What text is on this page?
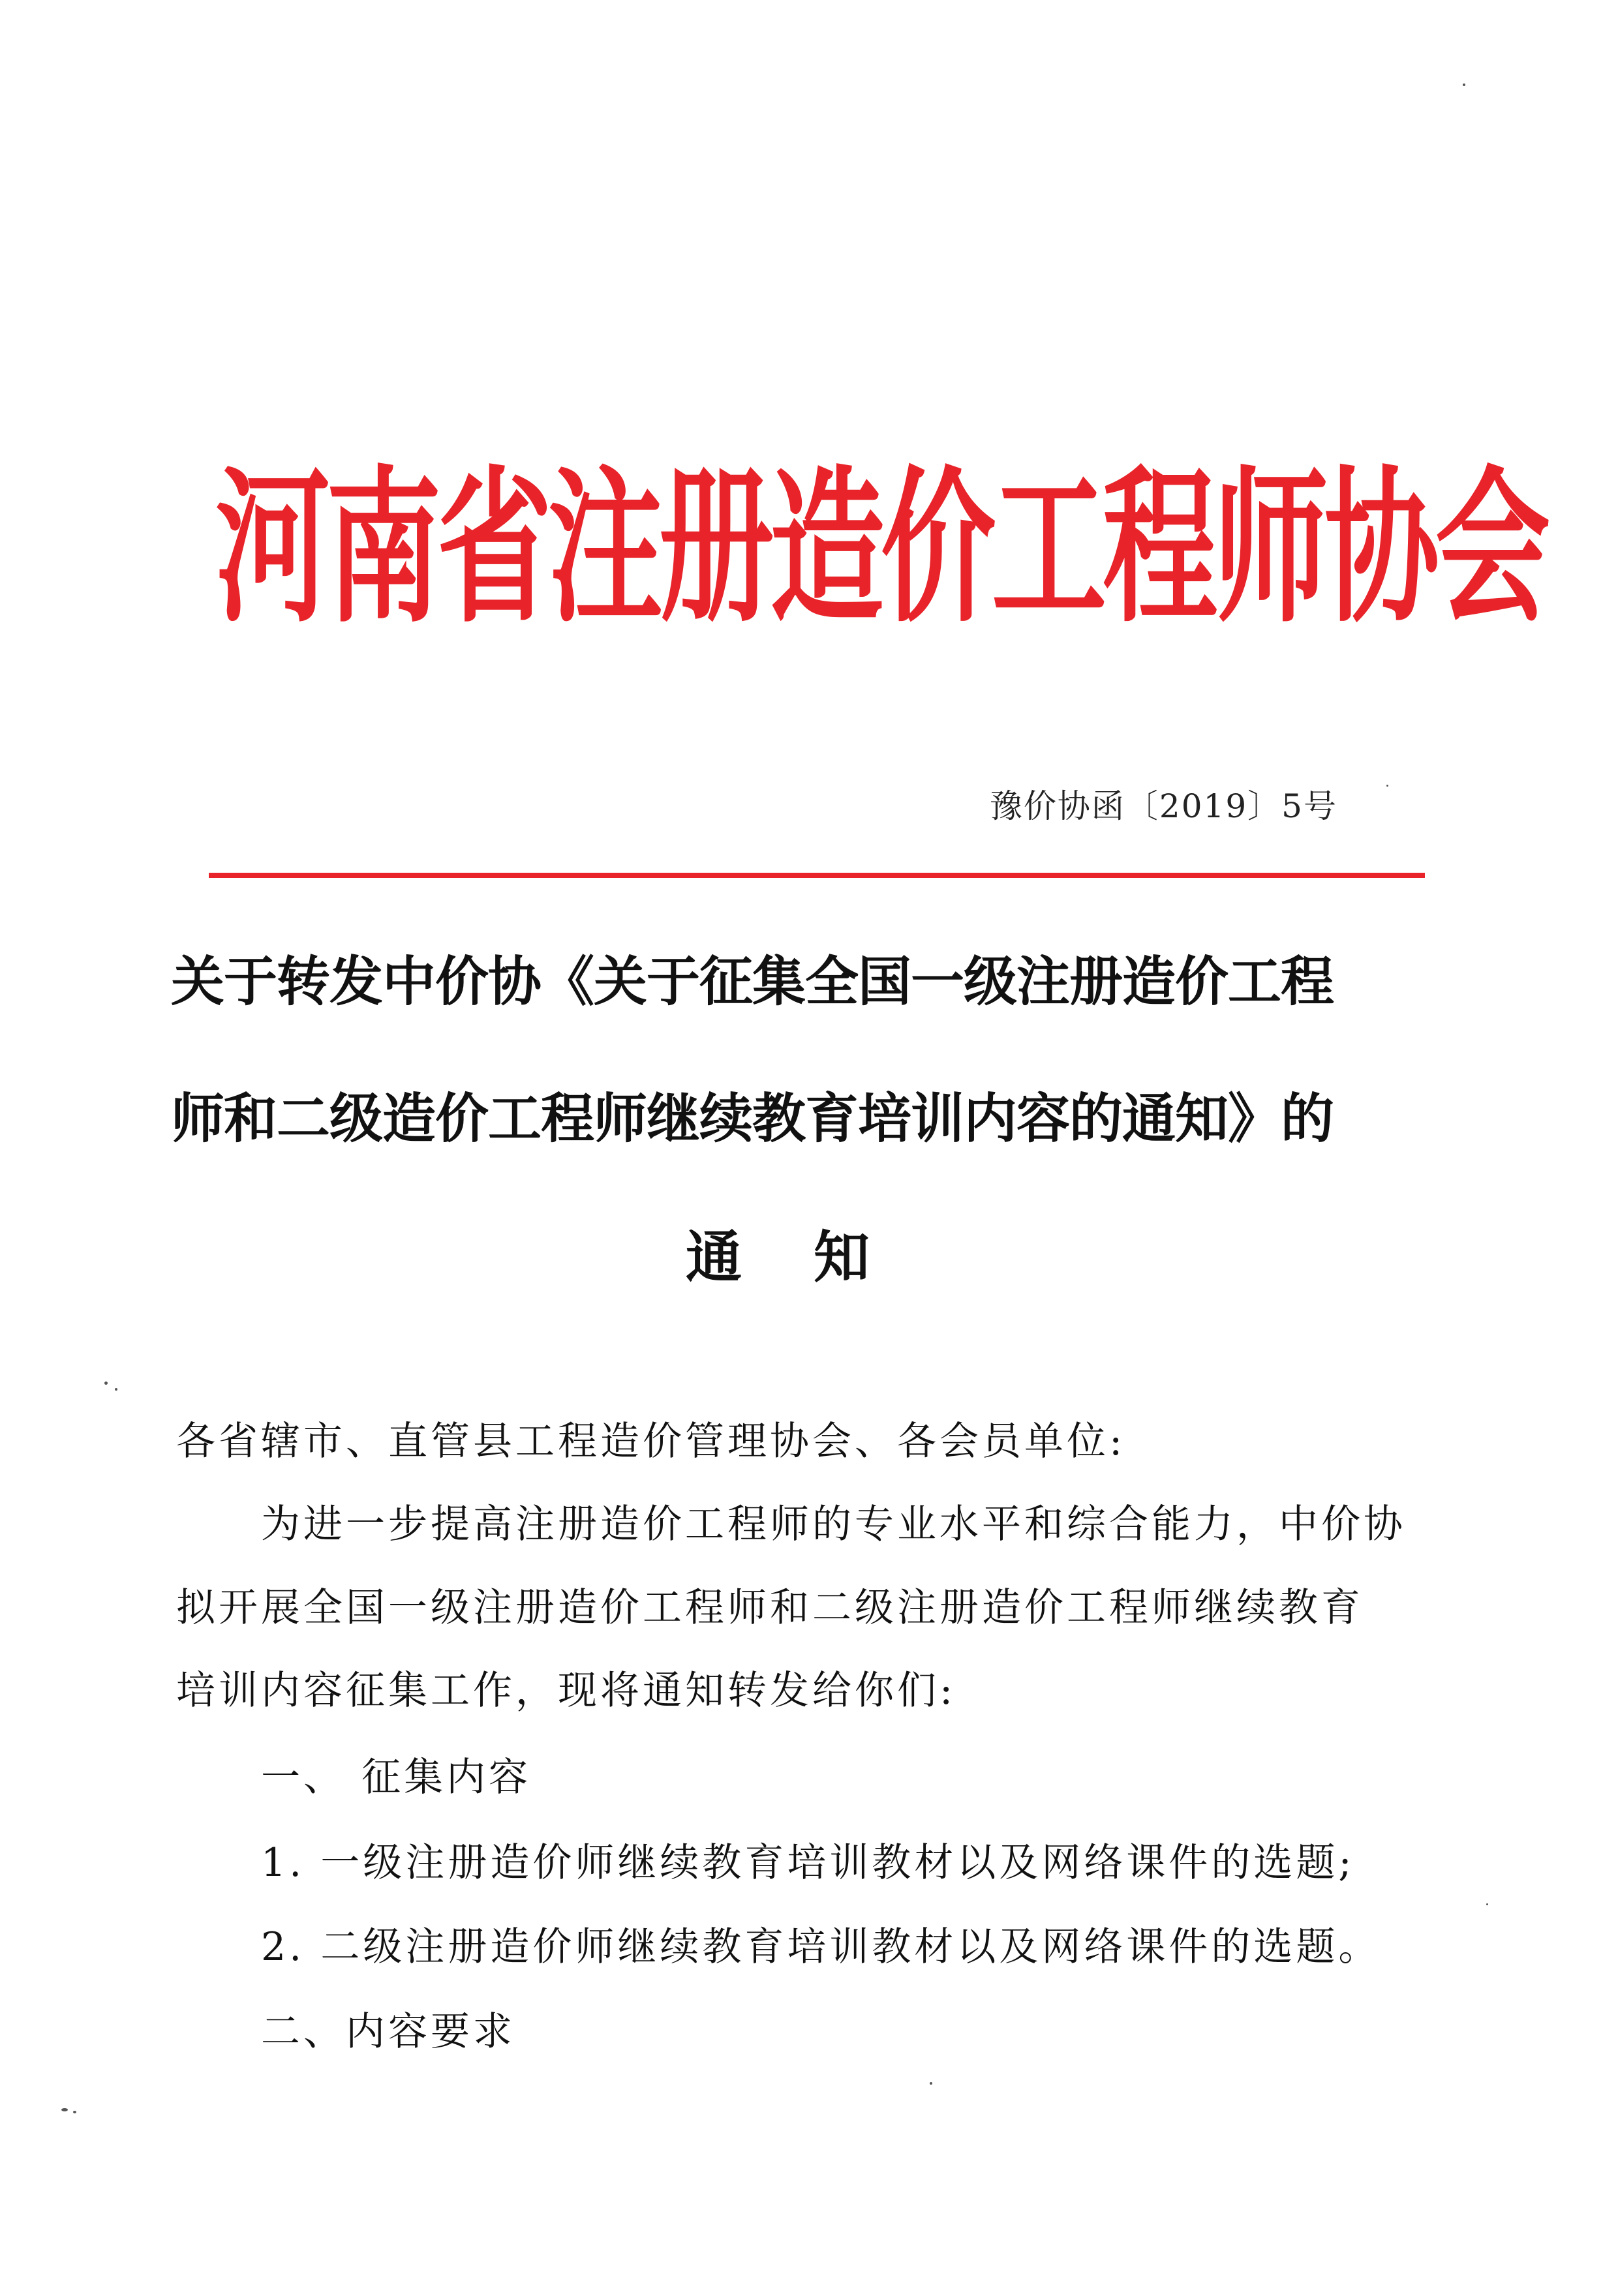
河南省注册造价工程师协会
豫价协函〔2019〕5号
关于转发中价协《关于征集全国一级注册造价工程
师和二级造价工程师继续教育培训内容的通知》的
通知
各省辖市、直管县工程造价管理协会、各会员单位:
为进一步提高注册造价工程师的专业水平和综合能力，中价协
拟开展全国一级注册造价工程师和二级注册造价工程师继续教育
培训内容征集工作，现将通知转发给你们:
一、 征集内容
1. 一级注册造价师继续教育培训教材以及网络课件的选题;
2. 二级注册造价师继续教育培训教材以及网络课件的选题。
二、内容要求
